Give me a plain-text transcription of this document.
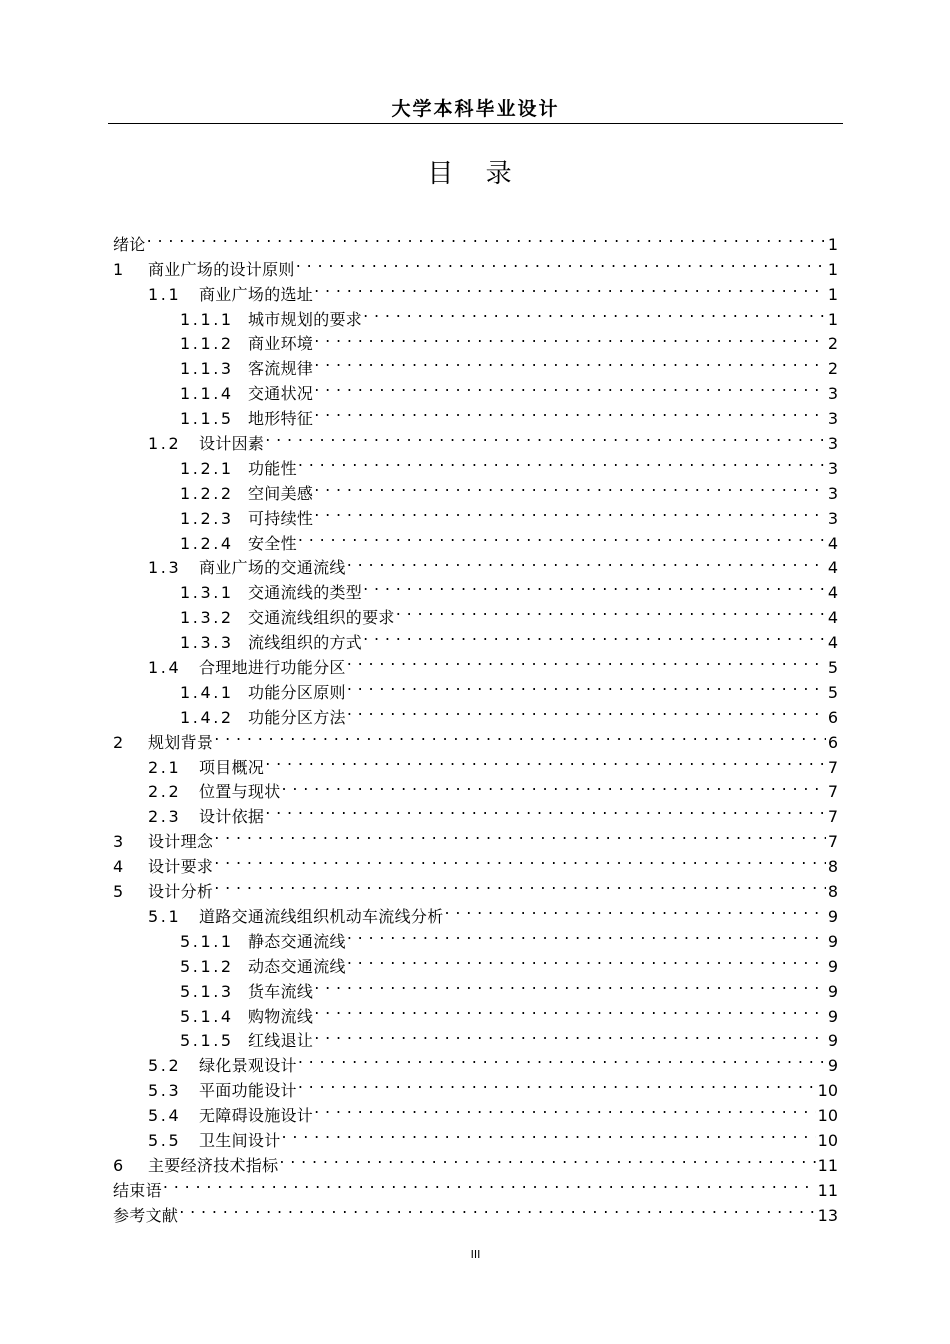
大学本科毕业设计
目 录
绪论 . . .	1
1	商业广场的设计原则 . . .	1
1.1	商业广场的选址 . . .	1
1.1.1 城市规划的要求 . . .	1
1.1.2 商业环境 . . .	2
1.1.3 客流规律 . . .	2
1.1.4 交通状况 . . .	3
1.1.5 地形特征 . . .	3
1.2	设计因素 . . .	3
1.2.1 功能性 . . .	3
1.2.2 空间美感 . . .	3
1.2.3 可持续性 . . .	3
1.2.4 安全性 . . .	4
1.3	商业广场的交通流线 . . .	4
1.3.1 交通流线的类型 . . .	4
1.3.2 交通流线组织的要求 . . .	4
1.3.3 流线组织的方式 . . .	4
1.4	合理地进行功能分区 . . .	5
1.4.1 功能分区原则 . . .	5
1.4.2 功能分区方法 . . .	6
2	规划背景 . . .	6
2.1	项目概况 . . .	7
2.2	位置与现状 . . .	7
2.3	设计依据 . . .	7
3	设计理念 . . .	7
4	设计要求 . . .	8
5	设计分析 . . .	8
5.1	道路交通流线组织机动车流线分析 . . .	9
5.1.1 静态交通流线 . . .	9
5.1.2 动态交通流线 . . .	9
5.1.3 货车流线 . . .	9
5.1.4 购物流线 . . .	9
5.1.5 红线退让 . . .	9
5.2	绿化景观设计 . . .	9
5.3	平面功能设计 . . .	10
5.4	无障碍设施设计 . . .	10
5.5	卫生间设计 . . .	10
6	主要经济技术指标 . . .	11
结束语 . . .	11
参考文献 . . .	13
III
